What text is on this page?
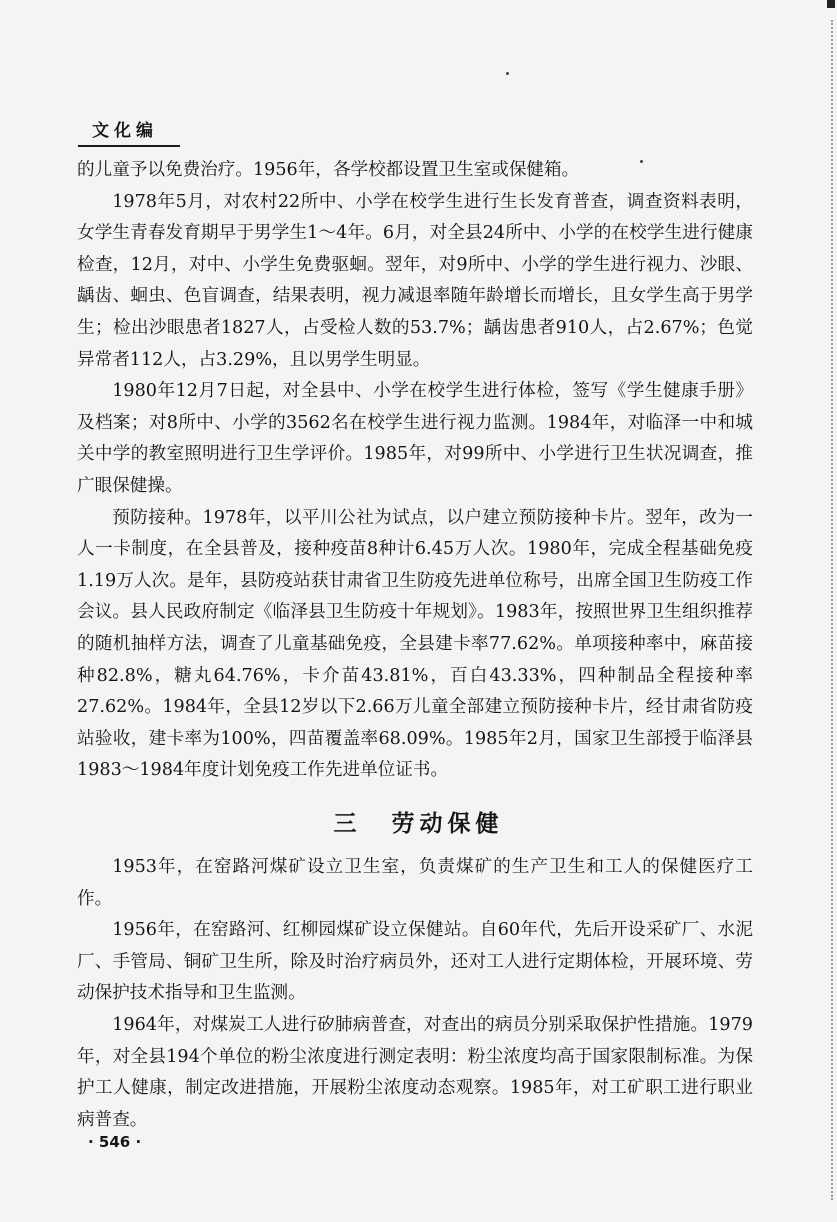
文化编

的儿童予以免费治疗。1956年，各学校都设置卫生室或保健箱。

1978年5月，对农村22所中、小学在校学生进行生长发育普查，调查资料表明，女学生青春发育期早于男学生1～4年。6月，对全县24所中、小学的在校学生进行健康检查，12月，对中、小学生免费驱蛔。翌年，对9所中、小学的学生进行视力、沙眼、龋齿、蛔虫、色盲调查，结果表明，视力减退率随年龄增长而增长，且女学生高于男学生；检出沙眼患者1827人，占受检人数的53.7%；龋齿患者910人，占2.67%；色觉异常者112人，占3.29%，且以男学生明显。

1980年12月7日起，对全县中、小学在校学生进行体检，签写《学生健康手册》及档案；对8所中、小学的3562名在校学生进行视力监测。1984年，对临泽一中和城关中学的教室照明进行卫生学评价。1985年，对99所中、小学进行卫生状况调查，推广眼保健操。

预防接种。1978年，以平川公社为试点，以户建立预防接种卡片。翌年，改为一人一卡制度，在全县普及，接种疫苗8种计6.45万人次。1980年，完成全程基础免疫1.19万人次。是年，县防疫站获甘肃省卫生防疫先进单位称号，出席全国卫生防疫工作会议。县人民政府制定《临泽县卫生防疫十年规划》。1983年，按照世界卫生组织推荐的随机抽样方法，调查了儿童基础免疫，全县建卡率77.62%。单项接种率中，麻苗接种82.8%，糖丸64.76%，卡介苗43.81%，百白43.33%，四种制品全程接种率27.62%。1984年，全县12岁以下2.66万儿童全部建立预防接种卡片，经甘肃省防疫站验收，建卡率为100%，四苗覆盖率68.09%。1985年2月，国家卫生部授于临泽县1983～1984年度计划免疫工作先进单位证书。

三 劳动保健

1953年，在窑路河煤矿设立卫生室，负责煤矿的生产卫生和工人的保健医疗工作。

1956年，在窑路河、红柳园煤矿设立保健站。自60年代，先后开设采矿厂、水泥厂、手管局、铜矿卫生所，除及时治疗病员外，还对工人进行定期体检，开展环境、劳动保护技术指导和卫生监测。

1964年，对煤炭工人进行矽肺病普查，对查出的病员分别采取保护性措施。1979年，对全县194个单位的粉尘浓度进行测定表明：粉尘浓度均高于国家限制标准。为保护工人健康，制定改进措施，开展粉尘浓度动态观察。1985年，对工矿职工进行职业病普查。

· 546 ·
